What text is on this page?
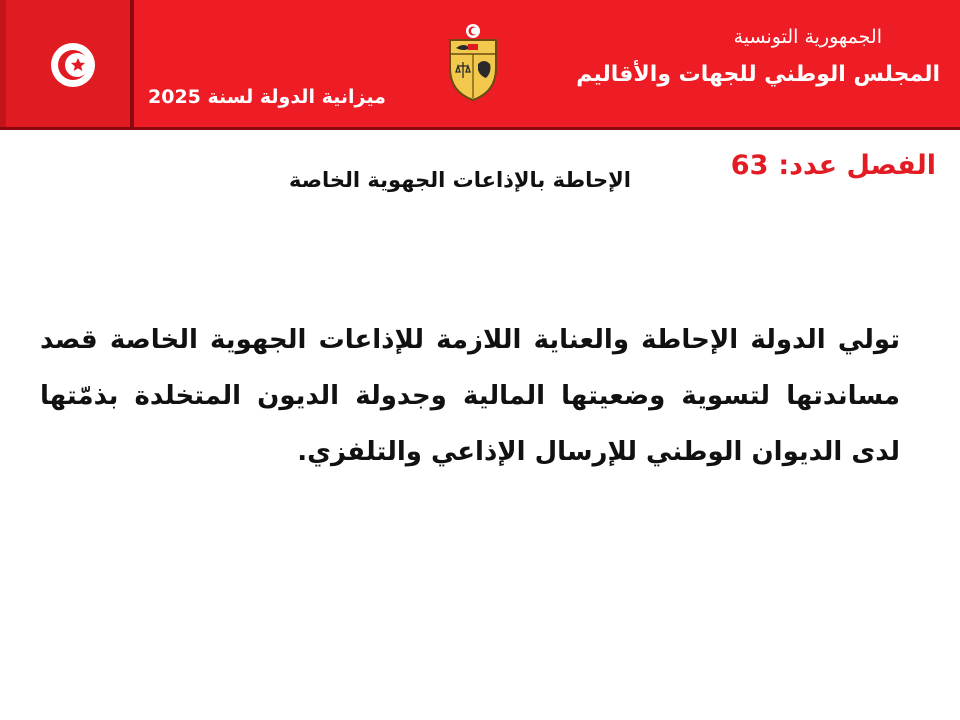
الجمهورية التونسية
المجلس الوطني للجهات والأقاليم
ميزانية الدولة لسنة 2025
الفصل عدد:63
الإحاطة بالإذاعات الجهوية الخاصة
تولي الدولة الإحاطة والعناية اللازمة للإذاعات الجهوية الخاصة قصد مساندتها لتسوية وضعيتها المالية وجدولة الديون المتخلدة بذمّتها لدى الديوان الوطني للإرسال الإذاعي والتلفزي.
